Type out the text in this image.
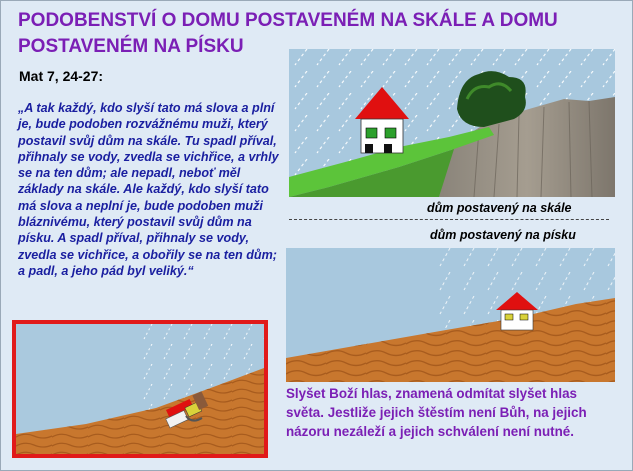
PODOBENSTVÍ O DOMU POSTAVENÉM NA SKÁLE A DOMU POSTAVENÉM NA PÍSKU
Mat 7, 24-27:
„A tak každý, kdo slyší tato má slova a plní je, bude podoben rozvážnému muži, který postavil svůj dům na skále. Tu spadl příval, přihnaly se vody, zvedla se vichřice, a vrhly se na ten dům; ale nepadl, neboť měl základy na skále. Ale každý, kdo slyší tato má slova a neplní je, bude podoben muži bláznivému, který postavil svůj dům na písku. A spadl příval, přihnaly se vody, zvedla se vichřice, a obořily se na ten dům; a padl, a jeho pád byl veliký.“
dům postavený na skále
dům postavený na písku
Slyšet Boží hlas, znamená odmítat slyšet hlas světa. Jestliže jejich štěstím není Bůh, na jejich názoru nezáleží a jejich schválení není nutné.
